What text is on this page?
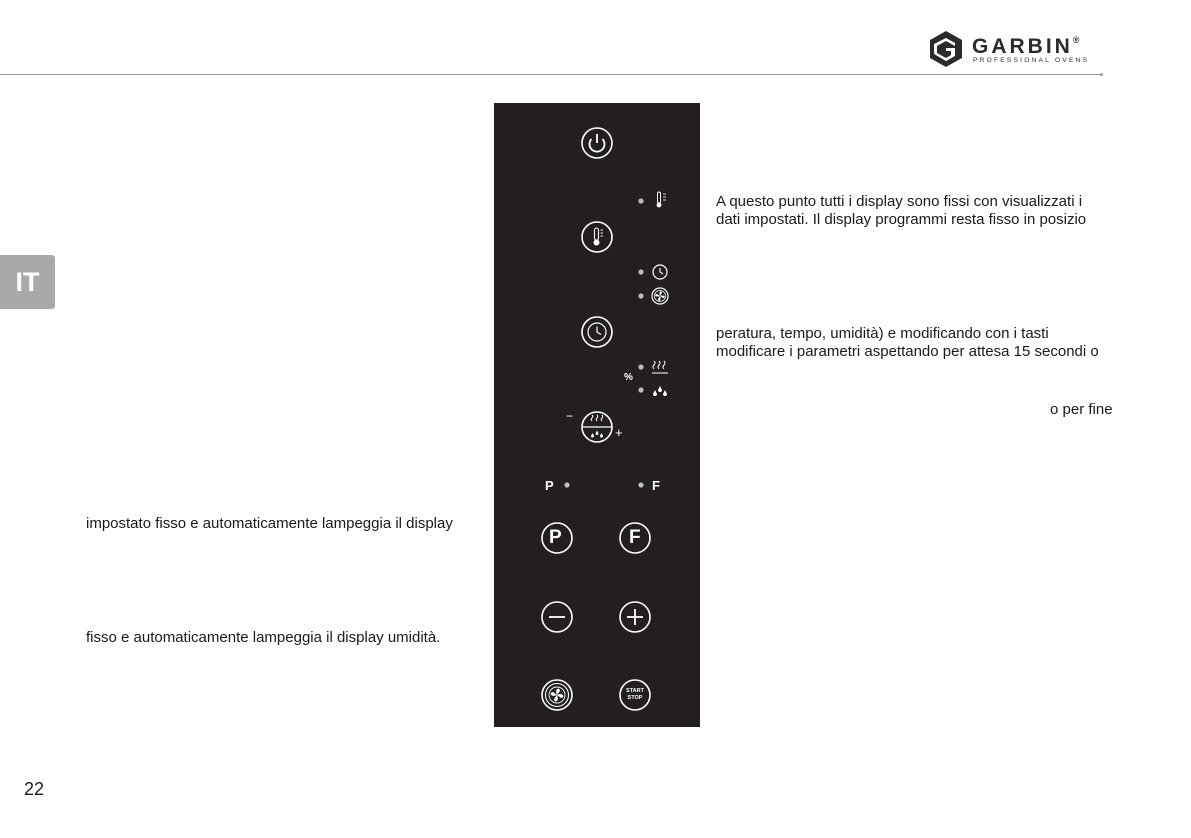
GARBIN®
PROFESSIONAL OVENS
IT
impostato fisso e automaticamente lampeggia il display
fisso e automaticamente lampeggia il display umidità.
A questo punto tutti i display sono fissi con visualizzati i
dati impostati. Il display programmi resta fisso in posizio
peratura, tempo, umidità) e modificando con i tasti
modificare i parametri aspettando per attesa 15 secondi o
o per fine
%
−
+
P	F
P	F
START
STOP
22
